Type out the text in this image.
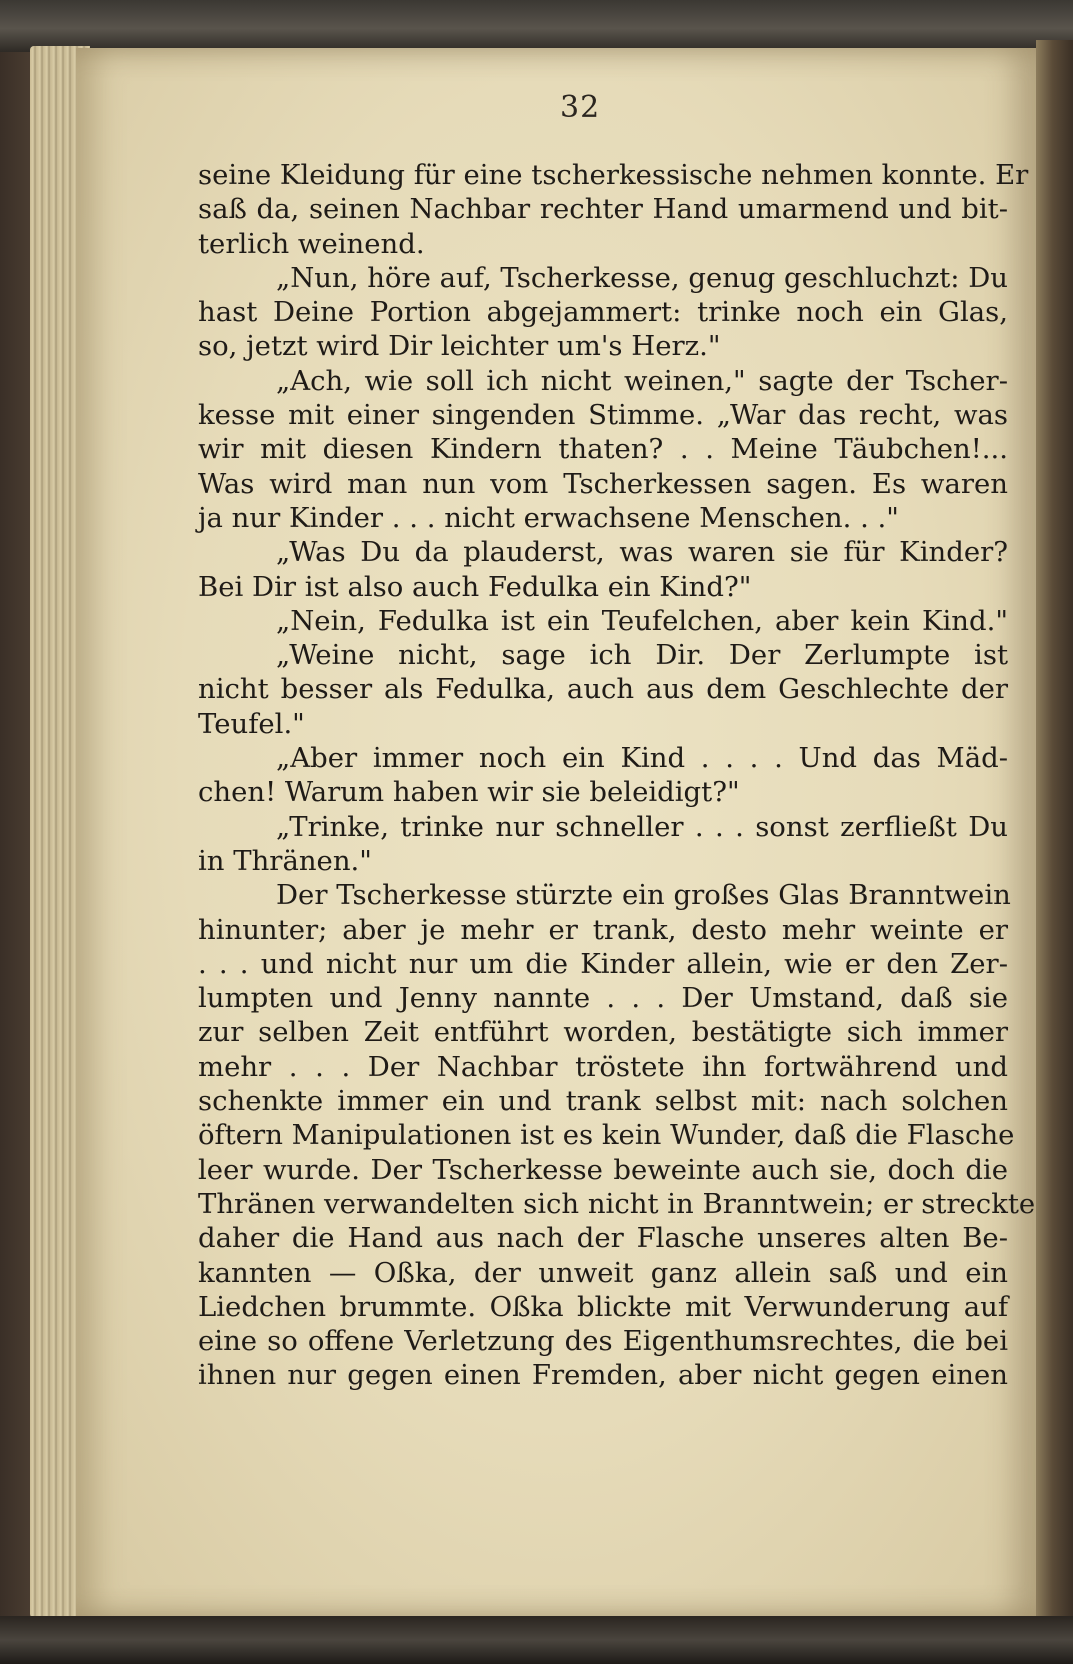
32
seine Kleidung für eine tscherkessische nehmen konnte. Er
saß da, seinen Nachbar rechter Hand umarmend und bit-
terlich weinend.
„Nun, höre auf, Tscherkesse, genug geschluchzt: Du
hast Deine Portion abgejammert: trinke noch ein Glas,
so, jetzt wird Dir leichter um's Herz."
„Ach, wie soll ich nicht weinen," sagte der Tscher-
kesse mit einer singenden Stimme. „War das recht, was
wir mit diesen Kindern thaten? . . Meine Täubchen!...
Was wird man nun vom Tscherkessen sagen. Es waren
ja nur Kinder . . . nicht erwachsene Menschen. . ."
„Was Du da plauderst, was waren sie für Kinder?
Bei Dir ist also auch Fedulka ein Kind?"
„Nein, Fedulka ist ein Teufelchen, aber kein Kind."
„Weine nicht, sage ich Dir. Der Zerlumpte ist
nicht besser als Fedulka, auch aus dem Geschlechte der
Teufel."
„Aber immer noch ein Kind . . . . Und das Mäd-
chen! Warum haben wir sie beleidigt?"
„Trinke, trinke nur schneller . . . sonst zerfließt Du
in Thränen."
Der Tscherkesse stürzte ein großes Glas Branntwein
hinunter; aber je mehr er trank, desto mehr weinte er
. . . und nicht nur um die Kinder allein, wie er den Zer-
lumpten und Jenny nannte . . . Der Umstand, daß sie
zur selben Zeit entführt worden, bestätigte sich immer
mehr . . . Der Nachbar tröstete ihn fortwährend und
schenkte immer ein und trank selbst mit: nach solchen
öftern Manipulationen ist es kein Wunder, daß die Flasche
leer wurde. Der Tscherkesse beweinte auch sie, doch die
Thränen verwandelten sich nicht in Branntwein; er streckte
daher die Hand aus nach der Flasche unseres alten Be-
kannten — Oßka, der unweit ganz allein saß und ein
Liedchen brummte. Oßka blickte mit Verwunderung auf
eine so offene Verletzung des Eigenthumsrechtes, die bei
ihnen nur gegen einen Fremden, aber nicht gegen einen
